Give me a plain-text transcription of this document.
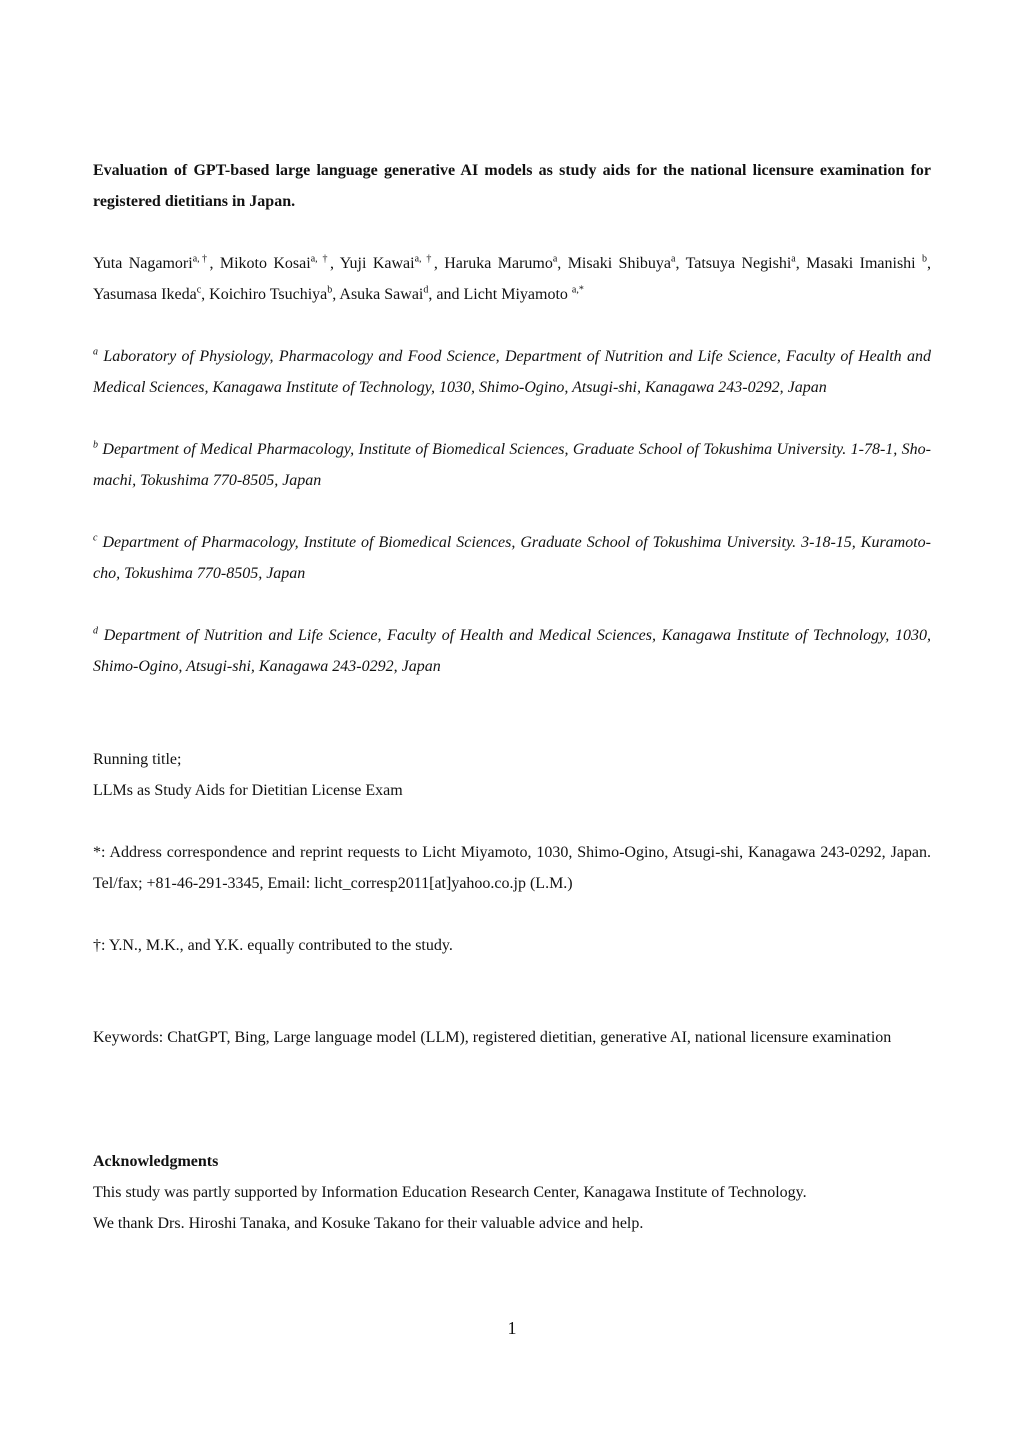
Evaluation of GPT-based large language generative AI models as study aids for the national licensure examination for registered dietitians in Japan.
Yuta Nagamori$^{a,\dagger}$, Mikoto Kosai$^{a, \dagger}$, Yuji Kawai$^{a, \dagger}$, Haruka Marumo$^a$, Misaki Shibuya$^a$, Tatsuya Negishi$^a$, Masaki Imanishi $^b$, Yasumasa Ikeda$^c$, Koichiro Tsuchiya$^b$, Asuka Sawai$^d$, and Licht Miyamoto $^{a,*}$
$^a$ Laboratory of Physiology, Pharmacology and Food Science, Department of Nutrition and Life Science, Faculty of Health and Medical Sciences, Kanagawa Institute of Technology, 1030, Shimo-Ogino, Atsugi-shi, Kanagawa 243-0292, Japan
$^b$ Department of Medical Pharmacology, Institute of Biomedical Sciences, Graduate School of Tokushima University. 1-78-1, Sho-machi, Tokushima 770-8505, Japan
$^c$ Department of Pharmacology, Institute of Biomedical Sciences, Graduate School of Tokushima University. 3-18-15, Kuramoto-cho, Tokushima 770-8505, Japan
$^d$ Department of Nutrition and Life Science, Faculty of Health and Medical Sciences, Kanagawa Institute of Technology, 1030, Shimo-Ogino, Atsugi-shi, Kanagawa 243-0292, Japan
Running title;
LLMs as Study Aids for Dietitian License Exam
*: Address correspondence and reprint requests to Licht Miyamoto, 1030, Shimo-Ogino, Atsugi-shi, Kanagawa 243-0292, Japan. Tel/fax; +81-46-291-3345, Email: licht_corresp2011[at]yahoo.co.jp (L.M.)
†: Y.N., M.K., and Y.K. equally contributed to the study.
Keywords: ChatGPT, Bing, Large language model (LLM), registered dietitian, generative AI, national licensure examination
Acknowledgments
This study was partly supported by Information Education Research Center, Kanagawa Institute of Technology.
We thank Drs. Hiroshi Tanaka, and Kosuke Takano for their valuable advice and help.
1
